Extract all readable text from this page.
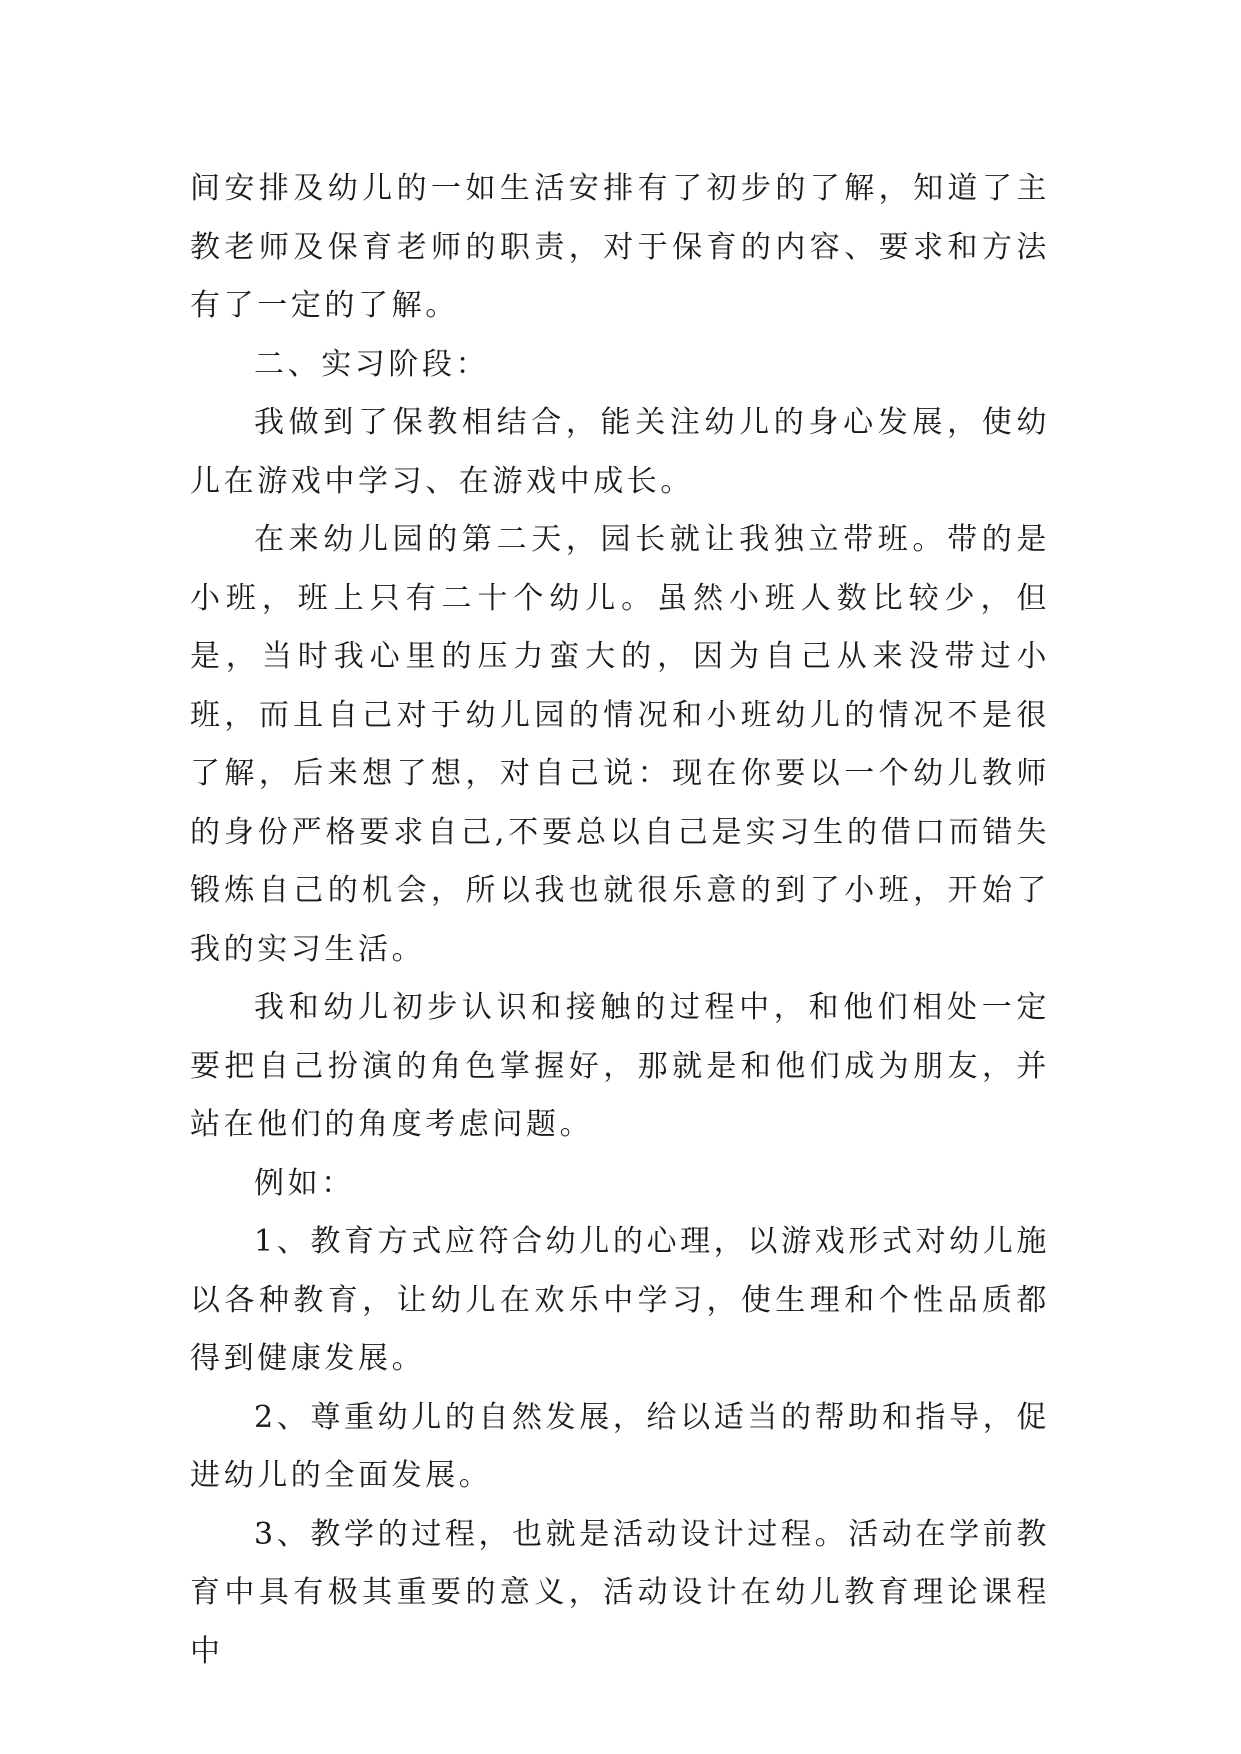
间安排及幼儿的一如生活安排有了初步的了解，知道了主教老师及保育老师的职责，对于保育的内容、要求和方法有了一定的了解。

二、实习阶段：

我做到了保教相结合，能关注幼儿的身心发展，使幼儿在游戏中学习、在游戏中成长。

在来幼儿园的第二天，园长就让我独立带班。带的是小班，班上只有二十个幼儿。虽然小班人数比较少，但是，当时我心里的压力蛮大的，因为自己从来没带过小班，而且自己对于幼儿园的情况和小班幼儿的情况不是很了解，后来想了想，对自己说：现在你要以一个幼儿教师的身份严格要求自己,不要总以自己是实习生的借口而错失锻炼自己的机会，所以我也就很乐意的到了小班，开始了我的实习生活。

我和幼儿初步认识和接触的过程中，和他们相处一定要把自己扮演的角色掌握好，那就是和他们成为朋友，并站在他们的角度考虑问题。

例如：

1、教育方式应符合幼儿的心理，以游戏形式对幼儿施以各种教育，让幼儿在欢乐中学习，使生理和个性品质都得到健康发展。

2、尊重幼儿的自然发展，给以适当的帮助和指导，促进幼儿的全面发展。

3、教学的过程，也就是活动设计过程。活动在学前教育中具有极其重要的意义，活动设计在幼儿教育理论课程中
